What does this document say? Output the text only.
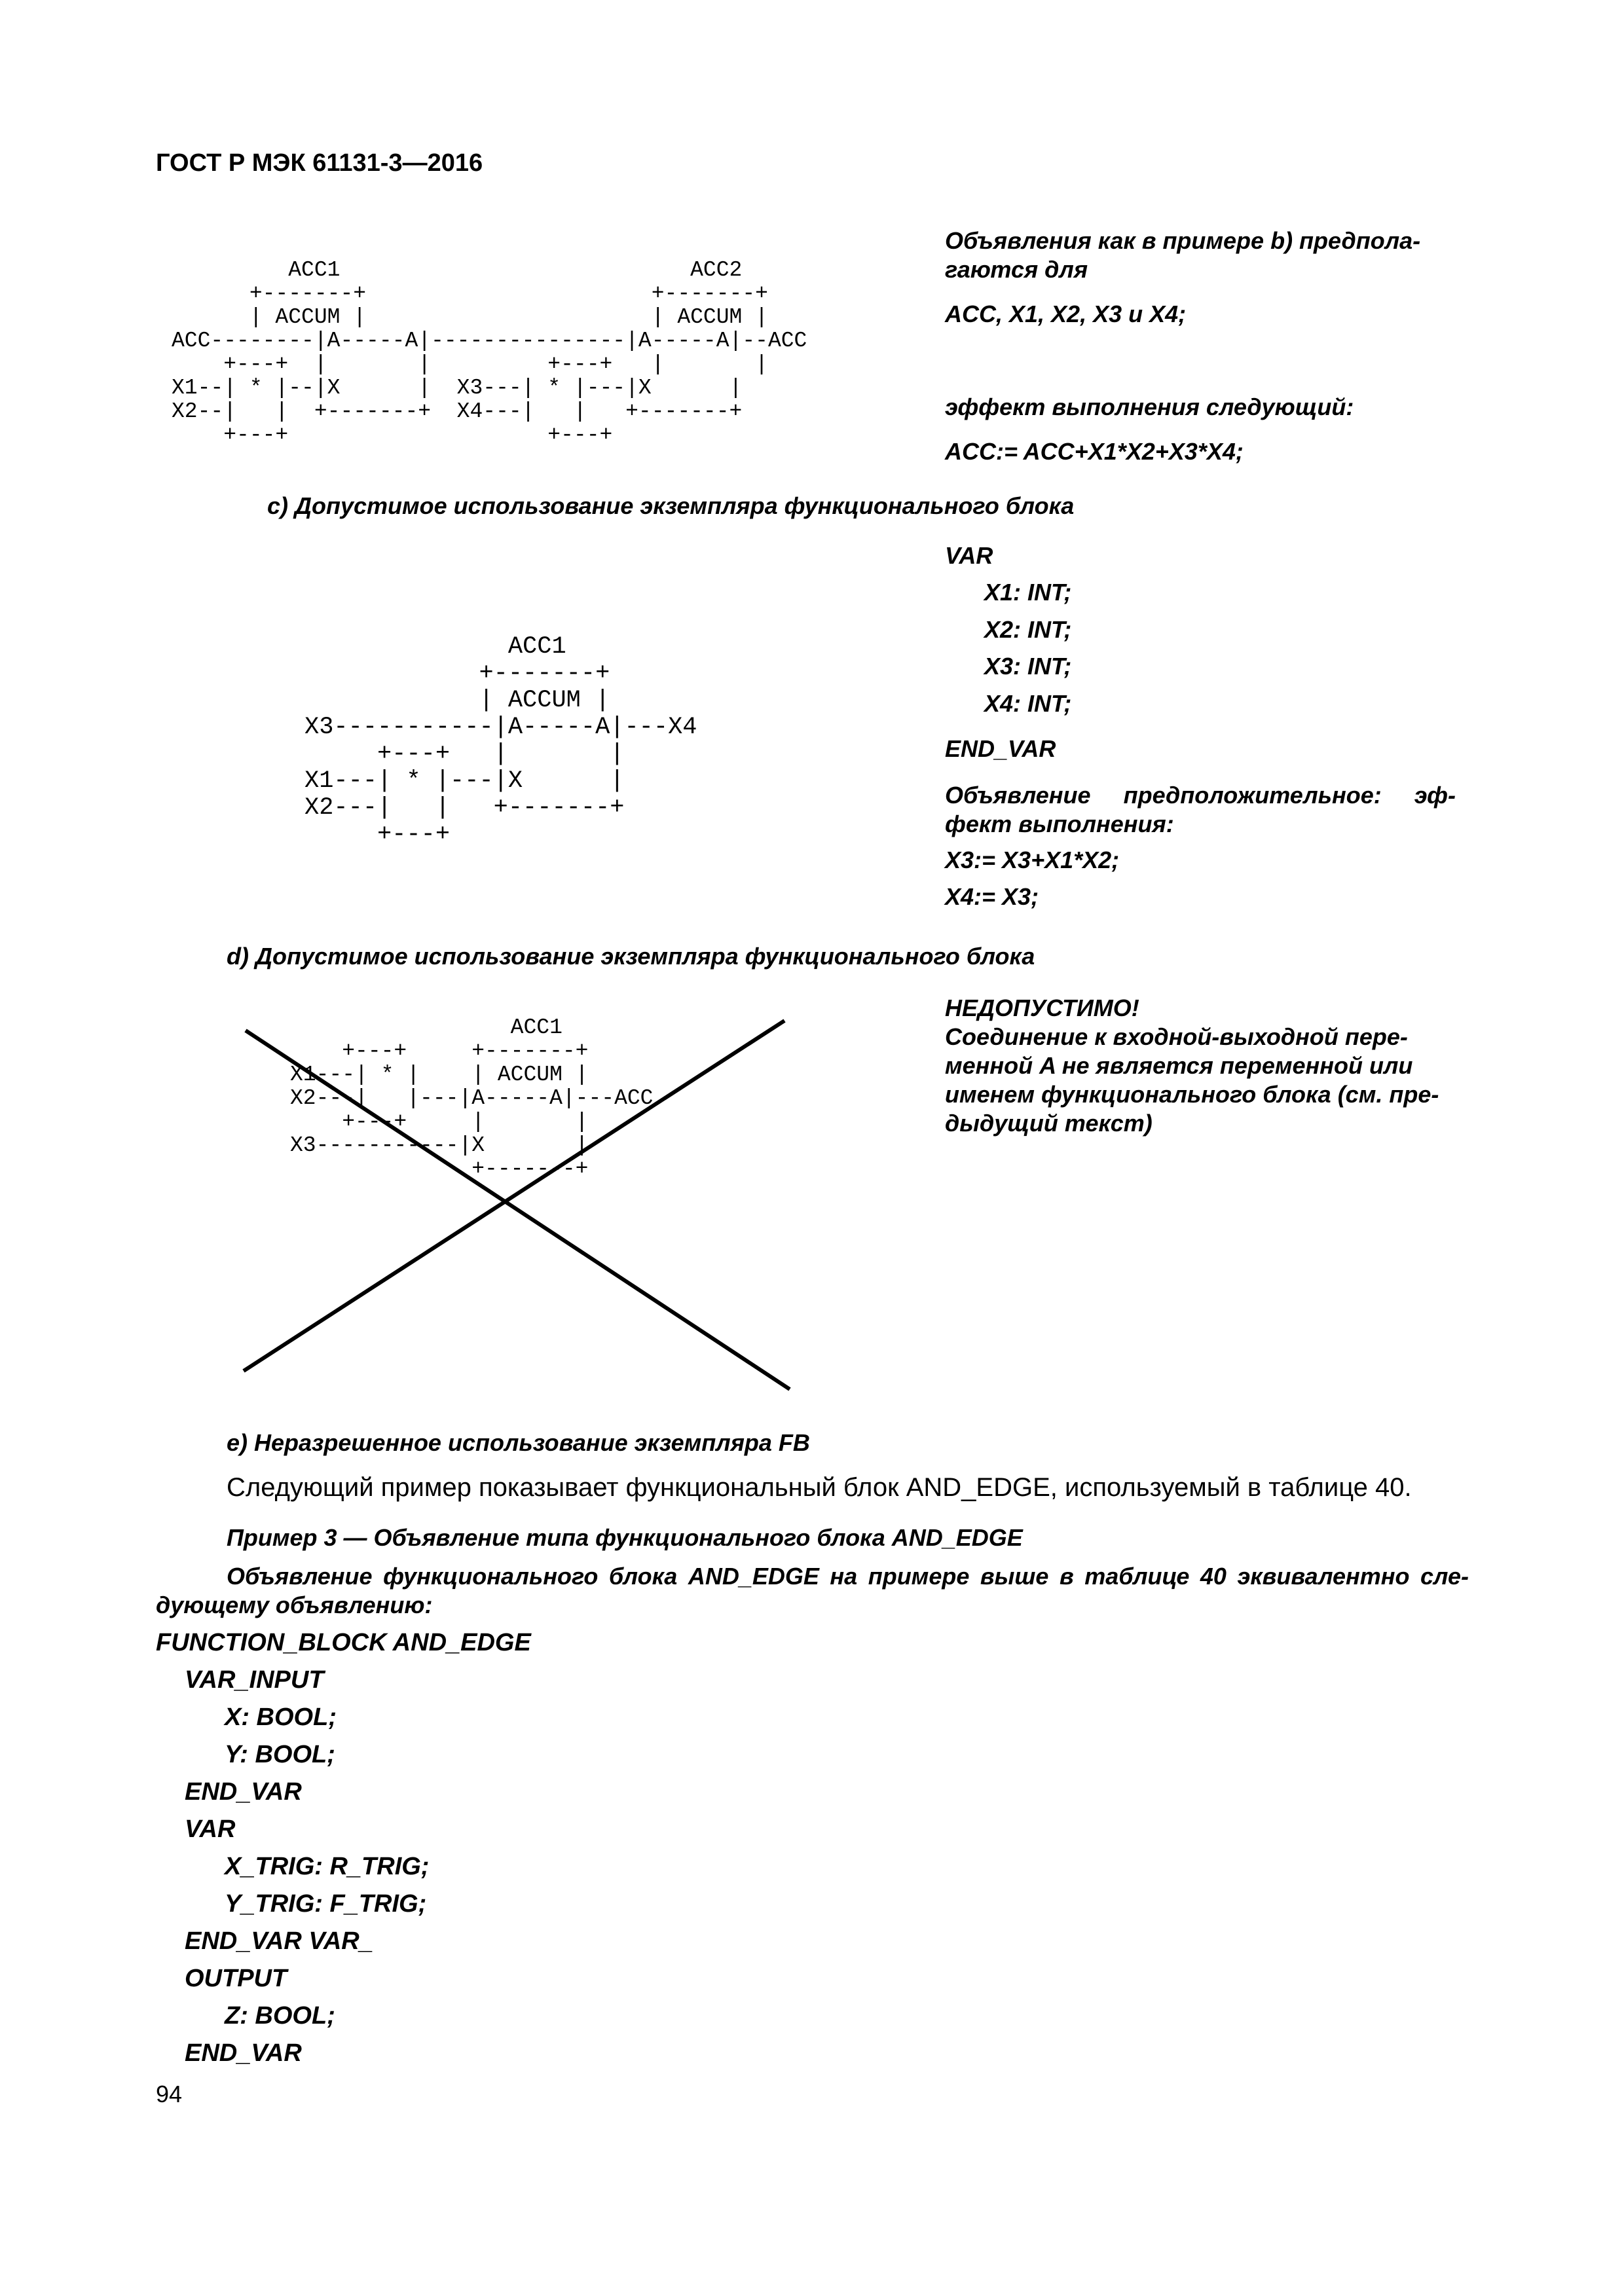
ГОСТ Р МЭК 61131-3—2016
ACC1                           ACC2
+-------+                      +-------+
| ACCUM |                      | ACCUM |
ACC--------|A-----A|---------------|A-----A|--ACC
+---+  |       |         +---+   |       |
X1--| * |--|X      |  X3---| * |---|X      |
X2--|   |  +-------+  X4---|   |   +-------+
+---+                    +---+
Объявления как в примере b) предпола-
гаются для
ACC, X1, X2, X3 и X4;
эффект выполнения следующий:
ACC:= ACC+X1*X2+X3*X4;
c) Допустимое использование экземпляра функционального блока
ACC1
+-------+
| ACCUM |
X3-----------|A-----A|---X4
+---+   |       |
X1---| * |---|X      |
X2---|   |   +-------+
+---+
VAR
X1: INT;
X2: INT;
X3: INT;
X4: INT;
END_VAR
Объявление предположительное: эф-
фект выполнения:
X3:= X3+X1*X2;
X4:= X3;
d) Допустимое использование экземпляра функционального блока
ACC1
+---+     +-------+
X1---| * |    | ACCUM |
X2---|   |---|A-----A|---ACC
+---+     |       |
X3-----------|X       |
+-------+
НЕДОПУСТИМО!
Соединение к входной-выходной пере-
менной A не является переменной или
именем функционального блока (см. пре-
дыдущий текст)
e) Неразрешенное использование экземпляра FB
Следующий пример показывает функциональный блок AND_EDGE, используемый в таблице 40.
Пример 3 — Объявление типа функционального блока AND_EDGE
Объявление функционального блока AND_EDGE на примере выше в таблице 40 эквивалентно сле-
дующему объявлению:
FUNCTION_BLOCK AND_EDGE
VAR_INPUT
X: BOOL;
Y: BOOL;
END_VAR
VAR
X_TRIG: R_TRIG;
Y_TRIG: F_TRIG;
END_VAR VAR_
OUTPUT
Z: BOOL;
END_VAR
94
